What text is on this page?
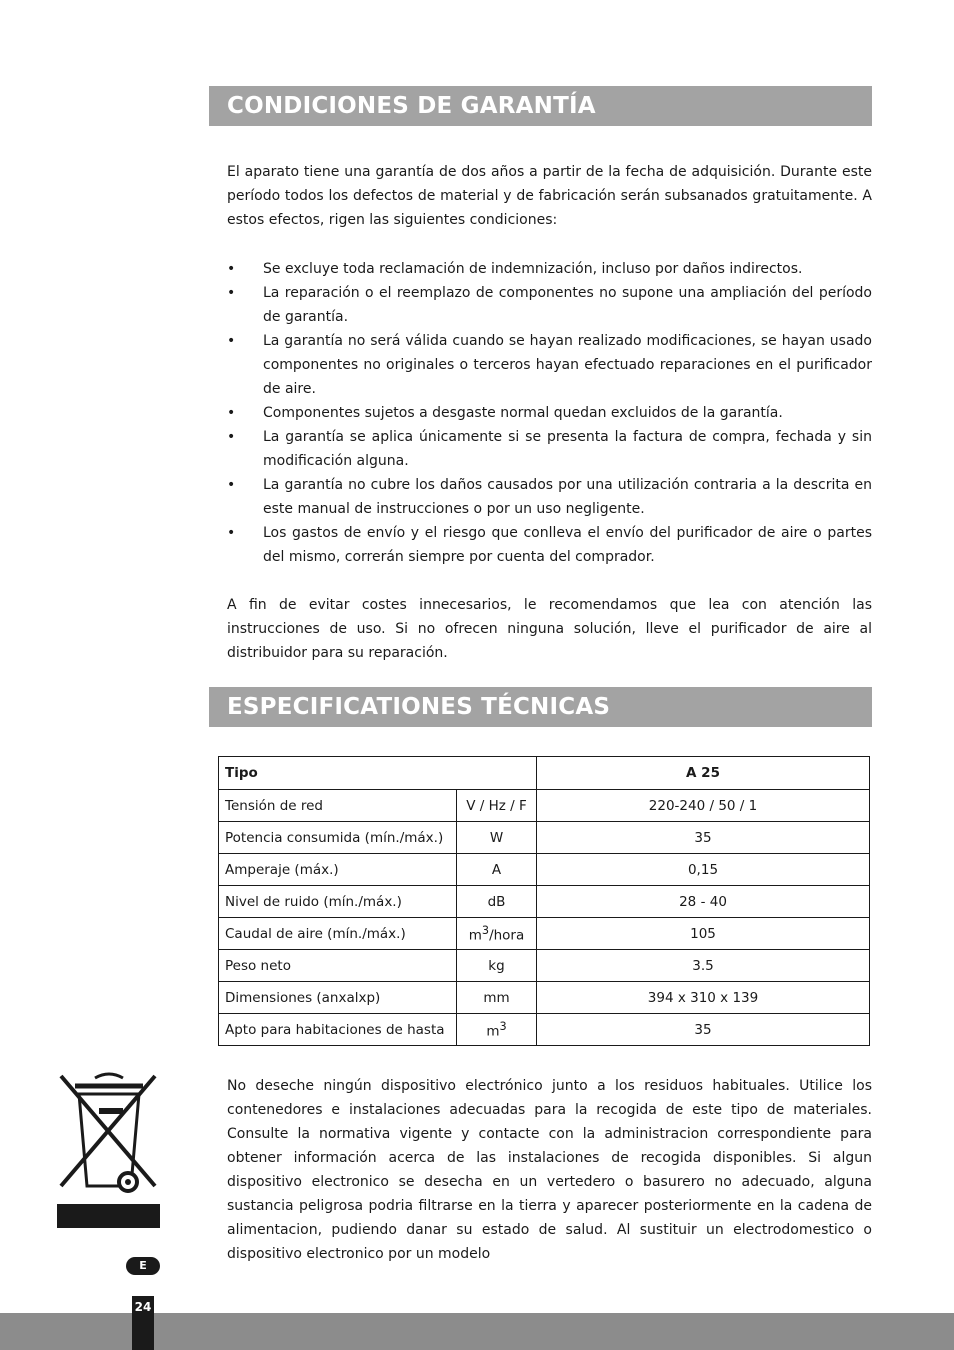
CONDICIONES DE GARANTÍA

El aparato tiene una garantía de dos años a partir de la fecha de adquisición. Durante este período todos los defectos de material y de fabricación serán subsanados gratuitamente. A estos efectos, rigen las siguientes condiciones:

• Se excluye toda reclamación de indemnización, incluso por daños indirectos.
• La reparación o el reemplazo de componentes no supone una ampliación del período de garantía.
• La garantía no será válida cuando se hayan realizado modificaciones, se hayan usado componentes no originales o terceros hayan efectuado reparaciones en el purificador de aire.
• Componentes sujetos a desgaste normal quedan excluidos de la garantía.
• La garantía se aplica únicamente si se presenta la factura de compra, fechada y sin modificación alguna.
• La garantía no cubre los daños causados por una utilización contraria a la descrita en este manual de instrucciones o por un uso negligente.
• Los gastos de envío y el riesgo que conlleva el envío del purificador de aire o partes del mismo, correrán siempre por cuenta del comprador.

A fin de evitar costes innecesarios, le recomendamos que lea con atención las instrucciones de uso. Si no ofrecen ninguna solución, lleve el purificador de aire al distribuidor para su reparación.

ESPECIFICATIONES TÉCNICAS
Tipo		A 25
Tensión de red	V / Hz / F	220-240 / 50 / 1
Potencia consumida (mín./máx.)	W	35
Amperaje (máx.)	A	0,15
Nivel de ruido (mín./máx.)	dB	28 - 40
Caudal de aire (mín./máx.)	$m^3$/hora	105
Peso neto	kg	3.5
Dimensiones (anxalxp)	mm	394 x 310 x 139
Apto para habitaciones de hasta	$m^3$	35

No deseche ningún dispositivo electrónico junto a los residuos habituales. Utilice los contenedores e instalaciones adecuadas para la recogida de este tipo de materiales. Consulte la normativa vigente y contacte con la administracion correspondiente para obtener información acerca de las instalaciones de recogida disponibles. Si algun dispositivo electronico se desecha en un vertedero o basurero no adecuado, alguna sustancia peligrosa podria filtrarse en la tierra y aparecer posteriormente en la cadena de alimentacion, pudiendo danar su estado de salud. Al sustituir un electrodomestico o dispositivo electronico por un modelo

E
24
